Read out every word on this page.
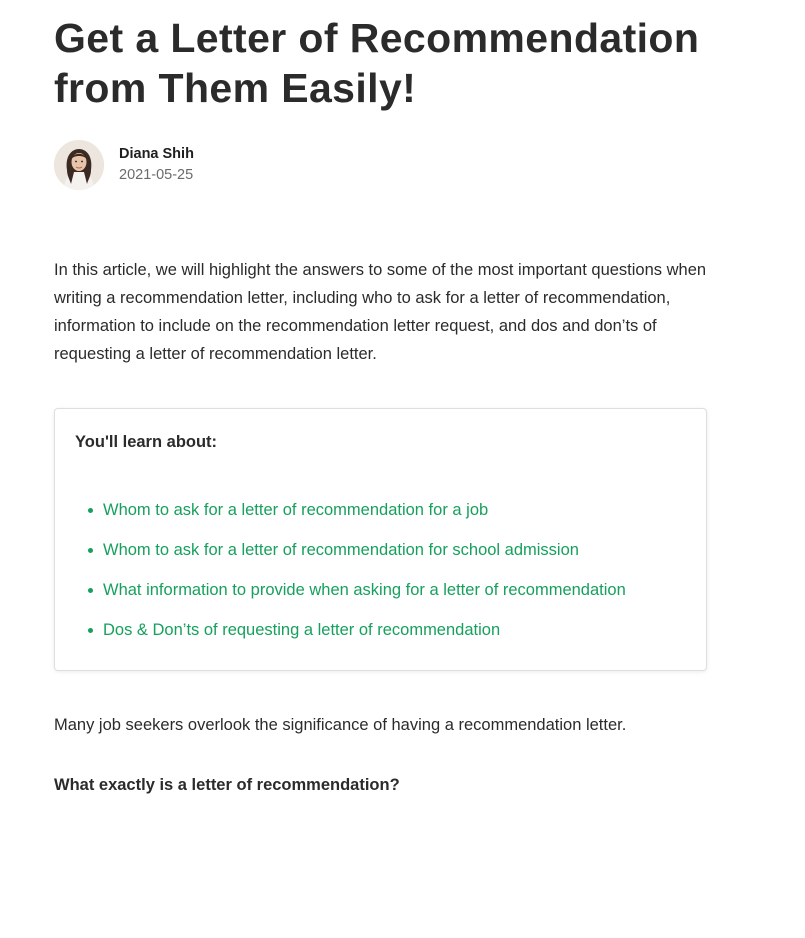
Get a Letter of Recommendation from Them Easily!
Diana Shih
2021-05-25

In this article, we will highlight the answers to some of the most important questions when writing a recommendation letter, including who to ask for a letter of recommendation, information to include on the recommendation letter request, and dos and don’ts of requesting a letter of recommendation letter.

You'll learn about:
Whom to ask for a letter of recommendation for a job
Whom to ask for a letter of recommendation for school admission
What information to provide when asking for a letter of recommendation
Dos & Don’ts of requesting a letter of recommendation

Many job seekers overlook the significance of having a recommendation letter.

What exactly is a letter of recommendation?
